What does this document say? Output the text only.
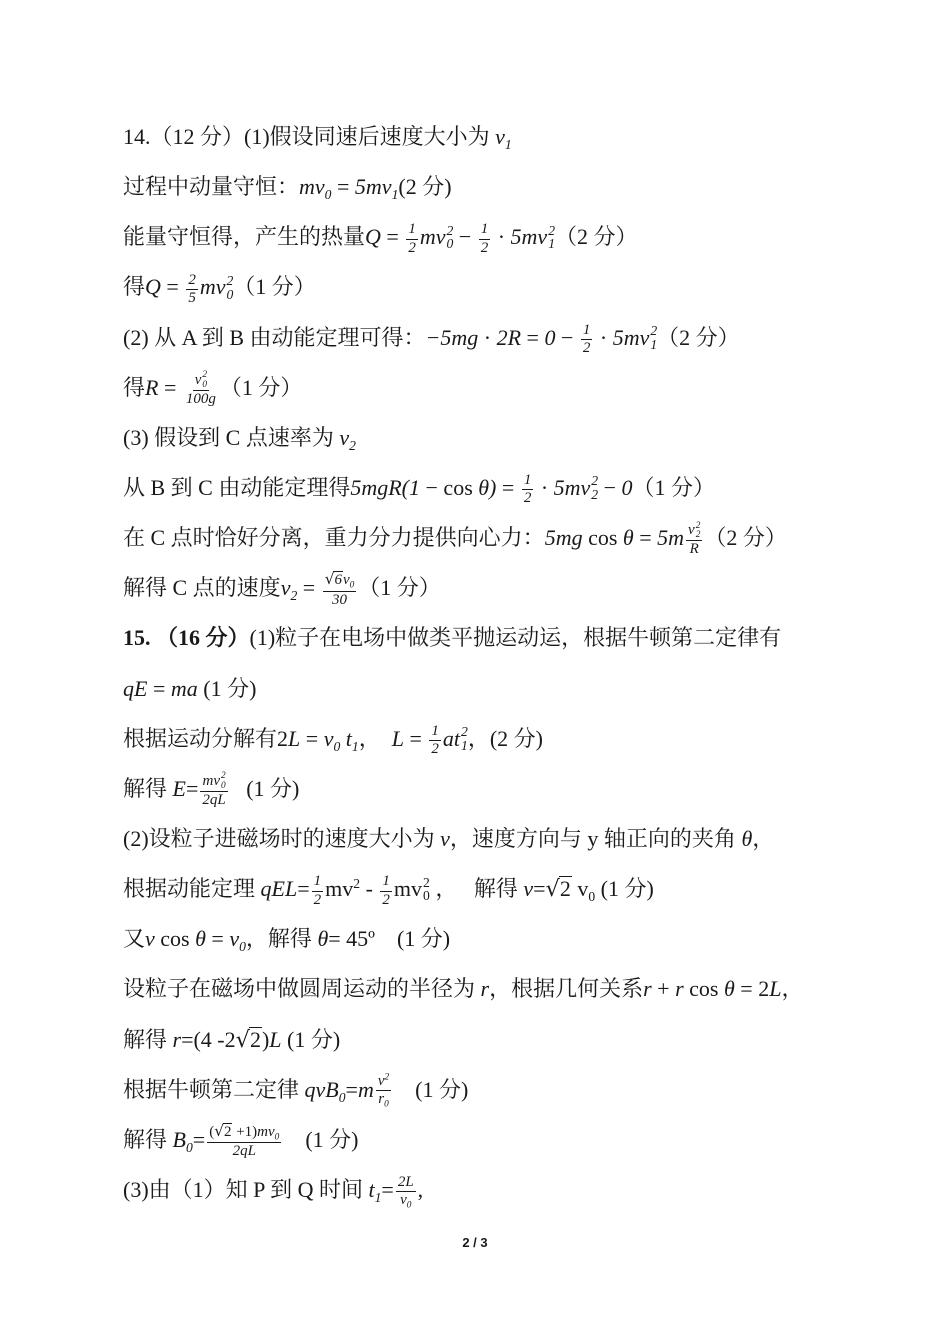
14.（12 分）(1)假设同速后速度大小为 $v_1$
过程中动量守恒：$mv_0 = 5mv_1(2$ 分)
能量守恒得，产生的热量$Q = \frac{1}{2}$ mv 2
$0 - \frac{1}{2} \cdot 5mv$ 2
1 （2 分）
得$Q = \frac{2}{5}$ mv 2
0 （1 分）
(2) 从 A 到 B 由动能定理可得：$-5mg \cdot 2R = 0 - \frac{1}{2} \cdot 5mv$ 2
1 （2 分）
得R = v 2
0
100g （1 分）
(3) 假设到 C 点速率为 $v_2$
从 B 到 C 由动能定理得$5mgR(1 - \cos \theta) = \frac{1}{2} \cdot 5mv$ 2
2 − 0（1 分）
在 C 点时恰好分离，重力分力提供向心力：5mg cos θ = 5m v 2
2
R （2 分）
解得 C 点的速度$v_2 = \frac{√6v_0}{30} (1$ 分）
15. （16 分）(1)粒子在电场中做类平抛运动运，根据牛顿第二定律有
qE = ma (1 分)
根据运动分解有$2L = v_0$ $t_1$，  $L = \frac{1}{2}$ at 2
1 ，(2 分)
解得 E= mv 2
0
2qL (1 分)
(2)设粒子进磁场时的速度大小为 v，速度方向与 y 轴正向的夹角 θ，
根据动能定理 $qEL= \frac{1}{2} mv^2 - \frac{1}{2}$ mv 2
0 ，   解得 v=√2 $v_0$ (1 分)
又v $\cos \theta = v_0$，解得 θ= 45º    (1 分)
设粒子在磁场中做圆周运动的半径为 r，根据几何关系r + r cos θ = 2L，
解得 r=(4 -2√2)L (1 分)
根据牛顿第二定律 $qvB_0=m \frac{v^2}{r_0} (1$ 分)
解得 $B_0= \frac{(√2 +1)mv_0}{2qL} (1$ 分)
(3)由（1）知 P 到 Q 时间 $t_1= \frac{2L}{v_0}$ ,
2 / 3
